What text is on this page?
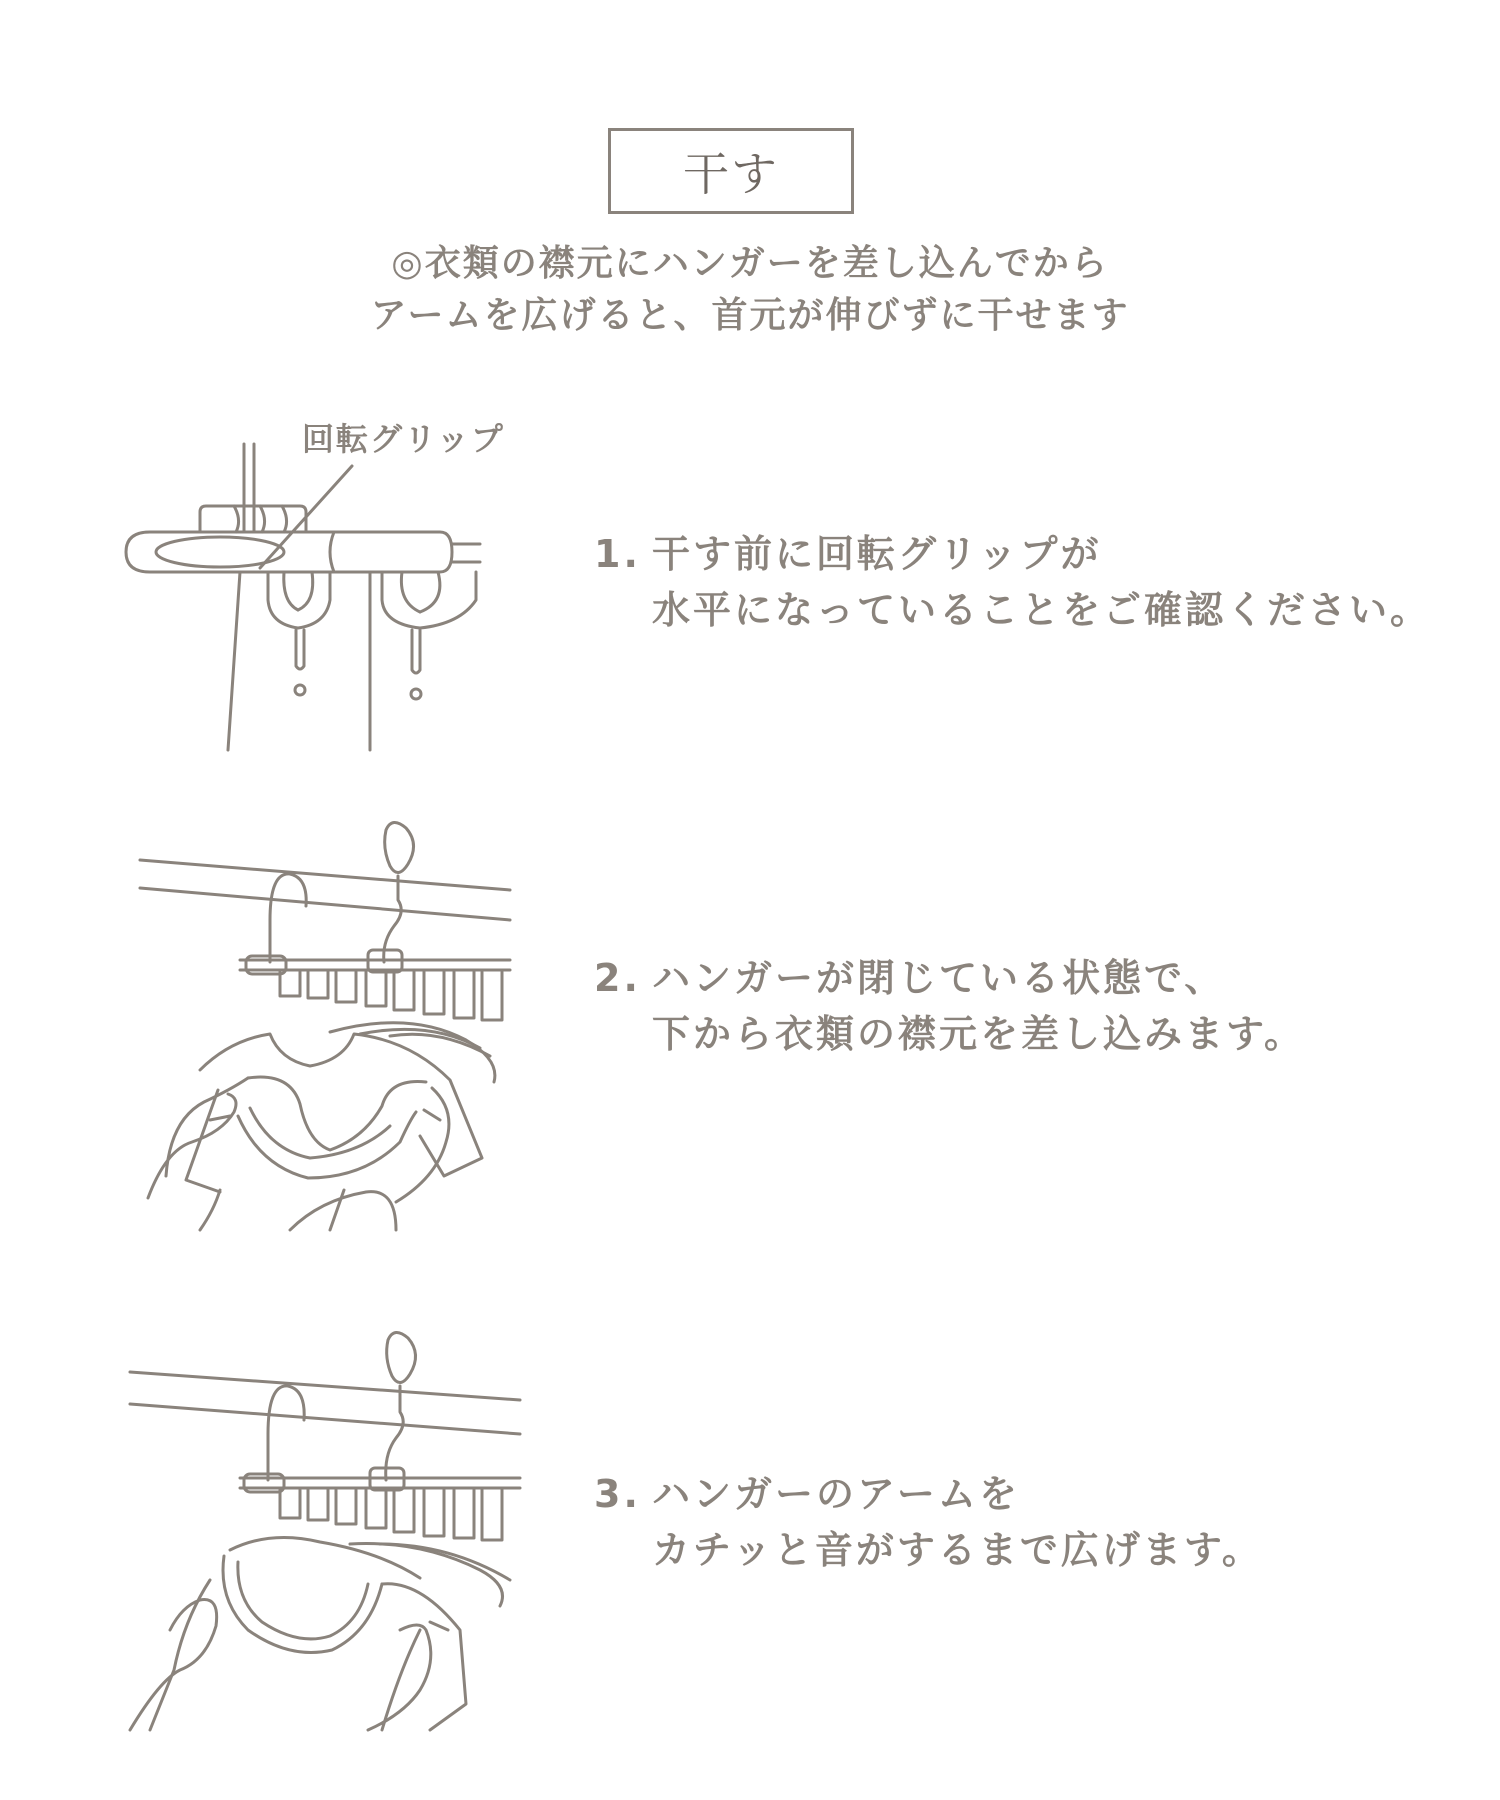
干す
◎衣類の襟元にハンガーを差し込んでから
アームを広げると、首元が伸びずに干せます
回転グリップ
1. 干す前に回転グリップが
水平になっていることをご確認ください。
2. ハンガーが閉じている状態で、
下から衣類の襟元を差し込みます。
3. ハンガーのアームを
カチッと音がするまで広げます。
